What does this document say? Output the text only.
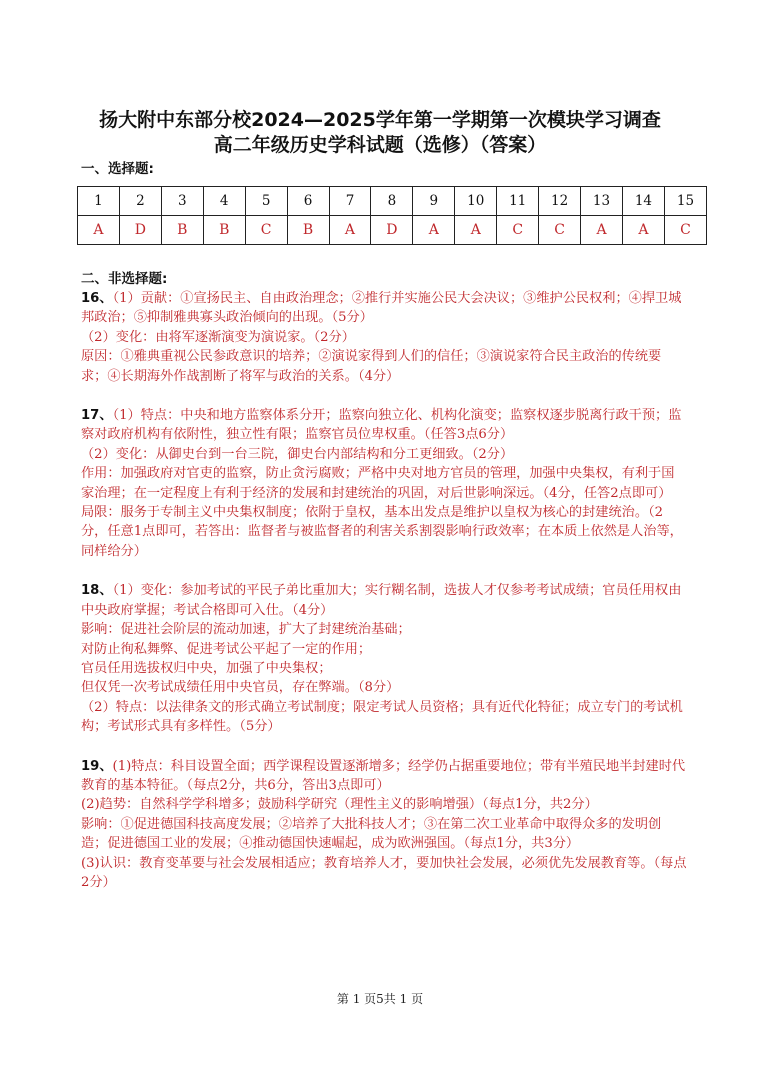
扬大附中东部分校2024—2025学年第一学期第一次模块学习调查
高二年级历史学科试题（选修）（答案）
一、选择题:
1	2	3	4	5	6	7	8	9	10	11	12	13	14	15
A	D	B	B	C	B	A	D	A	A	C	C	A	A	C
二、非选择题:

16、（1）贡献：①宣扬民主、自由政治理念；②推行并实施公民大会决议；③维护公民权利；④捍卫城邦政治；⑤抑制雅典寡头政治倾向的出现。（5分）

（2）变化：由将军逐渐演变为演说家。（2分）

原因：①雅典重视公民参政意识的培养；②演说家得到人们的信任；③演说家符合民主政治的传统要求；④长期海外作战割断了将军与政治的关系。（4分）

17、（1）特点：中央和地方监察体系分开；监察向独立化、机构化演变；监察权逐步脱离行政干预；监察对政府机构有依附性，独立性有限；监察官员位卑权重。（任答3点6分）

（2）变化：从御史台到一台三院，御史台内部结构和分工更细致。（2分）

作用：加强政府对官吏的监察，防止贪污腐败；严格中央对地方官员的管理，加强中央集权，有利于国家治理；在一定程度上有利于经济的发展和封建统治的巩固，对后世影响深远。（4分，任答2点即可）

局限：服务于专制主义中央集权制度；依附于皇权，基本出发点是维护以皇权为核心的封建统治。（2分，任意1点即可，若答出：监督者与被监督者的利害关系割裂影响行政效率；在本质上依然是人治等，同样给分）

18、（1）变化：参加考试的平民子弟比重加大；实行糊名制，选拔人才仅参考考试成绩；官员任用权由中央政府掌握；考试合格即可入仕。（4分）

影响：促进社会阶层的流动加速，扩大了封建统治基础；

对防止徇私舞弊、促进考试公平起了一定的作用；

官员任用选拔权归中央，加强了中央集权；

但仅凭一次考试成绩任用中央官员，存在弊端。（8分）

（2）特点：以法律条文的形式确立考试制度；限定考试人员资格；具有近代化特征；成立专门的考试机构；考试形式具有多样性。（5分）

19、(1)特点：科目设置全面；西学课程设置逐渐增多；经学仍占据重要地位；带有半殖民地半封建时代教育的基本特征。（每点2分，共6分，答出3点即可）

(2)趋势：自然科学学科增多；鼓励科学研究（理性主义的影响增强）（每点1分，共2分）

影响：①促进德国科技高度发展；②培养了大批科技人才；③在第二次工业革命中取得众多的发明创造；促进德国工业的发展；④推动德国快速崛起，成为欧洲强国。（每点1分，共3分）

(3)认识：教育变革要与社会发展相适应；教育培养人才，要加快社会发展，必须优先发展教育等。（每点2分）

第 1 页5共 1 页
